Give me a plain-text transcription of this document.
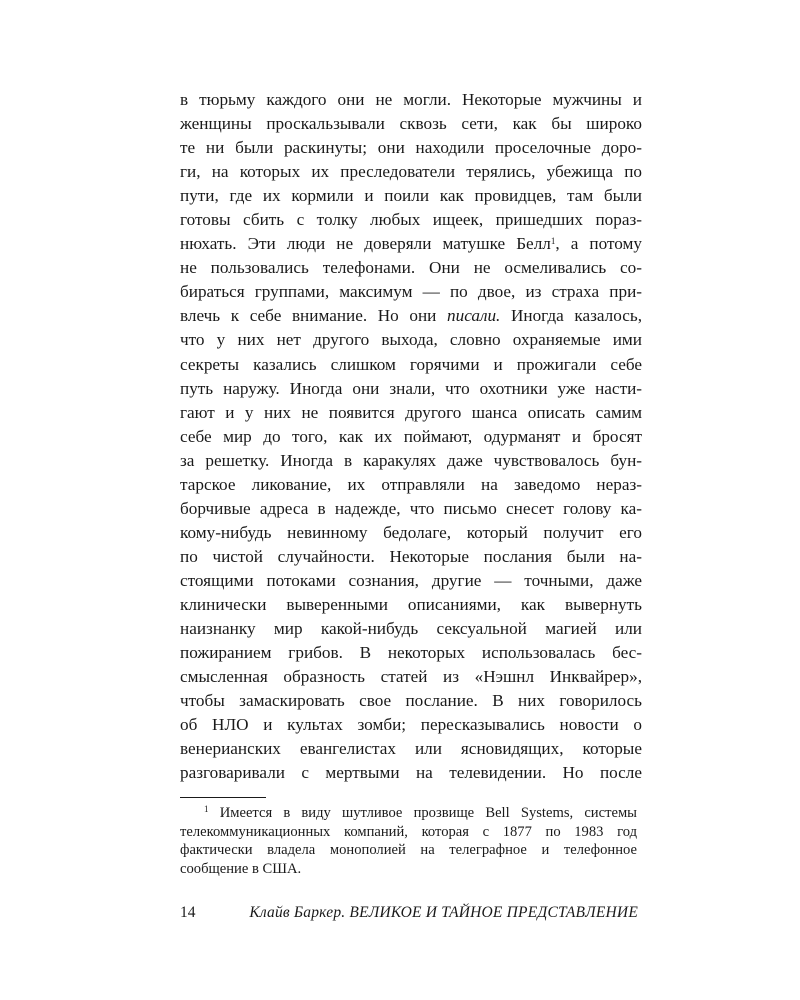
в тюрьму каждого они не могли. Некоторые мужчины и
женщины проскальзывали сквозь сети, как бы широко
те ни были раскинуты; они находили проселочные доро-
ги, на которых их преследователи терялись, убежища по
пути, где их кормили и поили как провидцев, там были
готовы сбить с толку любых ищеек, пришедших пораз-
нюхать. Эти люди не доверяли матушке Белл$^1$, а потому
не пользовались телефонами. Они не осмеливались со-
бираться группами, максимум — по двое, из страха при-
влечь к себе внимание. Но они писали. Иногда казалось,
что у них нет другого выхода, словно охраняемые ими
секреты казались слишком горячими и прожигали себе
путь наружу. Иногда они знали, что охотники уже насти-
гают и у них не появится другого шанса описать самим
себе мир до того, как их поймают, одурманят и бросят
за решетку. Иногда в каракулях даже чувствовалось бун-
тарское ликование, их отправляли на заведомо нераз-
борчивые адреса в надежде, что письмо снесет голову ка-
кому-нибудь невинному бедолаге, который получит его
по чистой случайности. Некоторые послания были на-
стоящими потоками сознания, другие — точными, даже
клинически выверенными описаниями, как вывернуть
наизнанку мир какой-нибудь сексуальной магией или
пожиранием грибов. В некоторых использовалась бес-
смысленная образность статей из «Нэшнл Инквайрер»,
чтобы замаскировать свое послание. В них говорилось
об НЛО и культах зомби; пересказывались новости о
венерианских евангелистах или ясновидящих, которые
разговаривали с мертвыми на телевидении. Но после

$^1$ Имеется в виду шутливое прозвище Bell Systems, системы
телекоммуникационных компаний, которая с 1877 по 1983 год
фактически владела монополией на телеграфное и телефонное
сообщение в США.
14	Клайв Баркер. ВЕЛИКОЕ И ТАЙНОЕ ПРЕДСТАВЛЕНИЕ
